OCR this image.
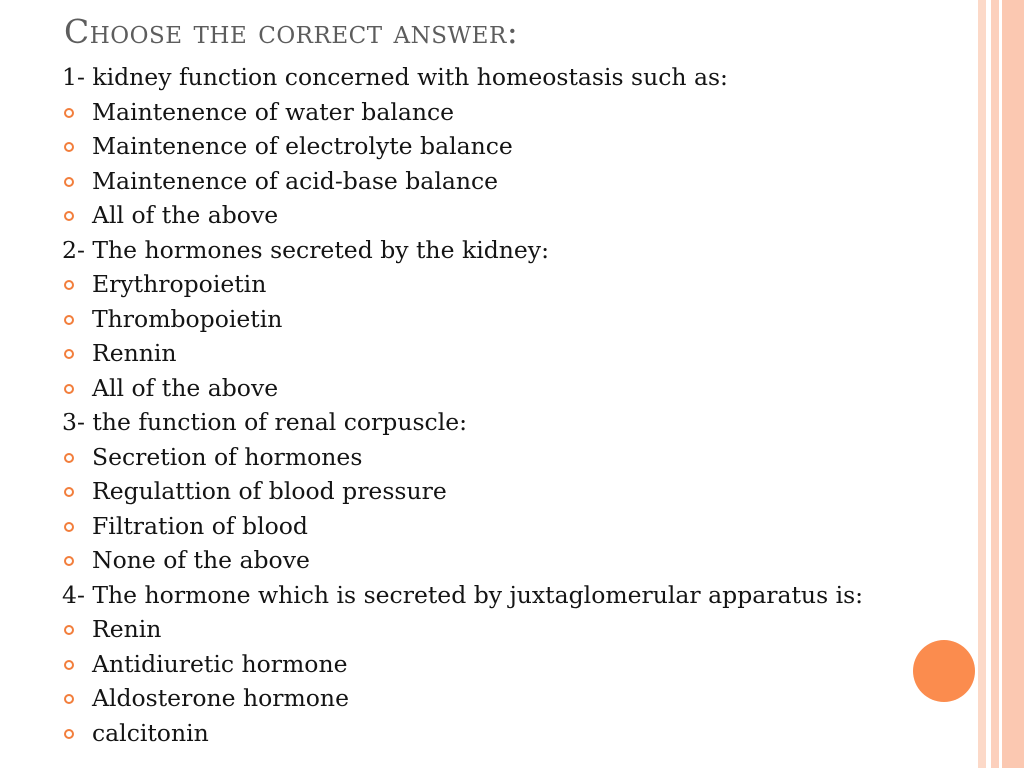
Choose the correct answer:
1- kidney function concerned with homeostasis such as:
Maintenence of water balance
Maintenence of electrolyte balance
Maintenence of acid-base balance
All of the above
2- The hormones secreted by the kidney:
Erythropoietin
Thrombopoietin
Rennin
All of the above
3- the function of renal corpuscle:
Secretion of hormones
Regulattion of blood pressure
Filtration of blood
None of the above
4- The hormone which is secreted by juxtaglomerular apparatus is:
Renin
Antidiuretic hormone
Aldosterone hormone
calcitonin
